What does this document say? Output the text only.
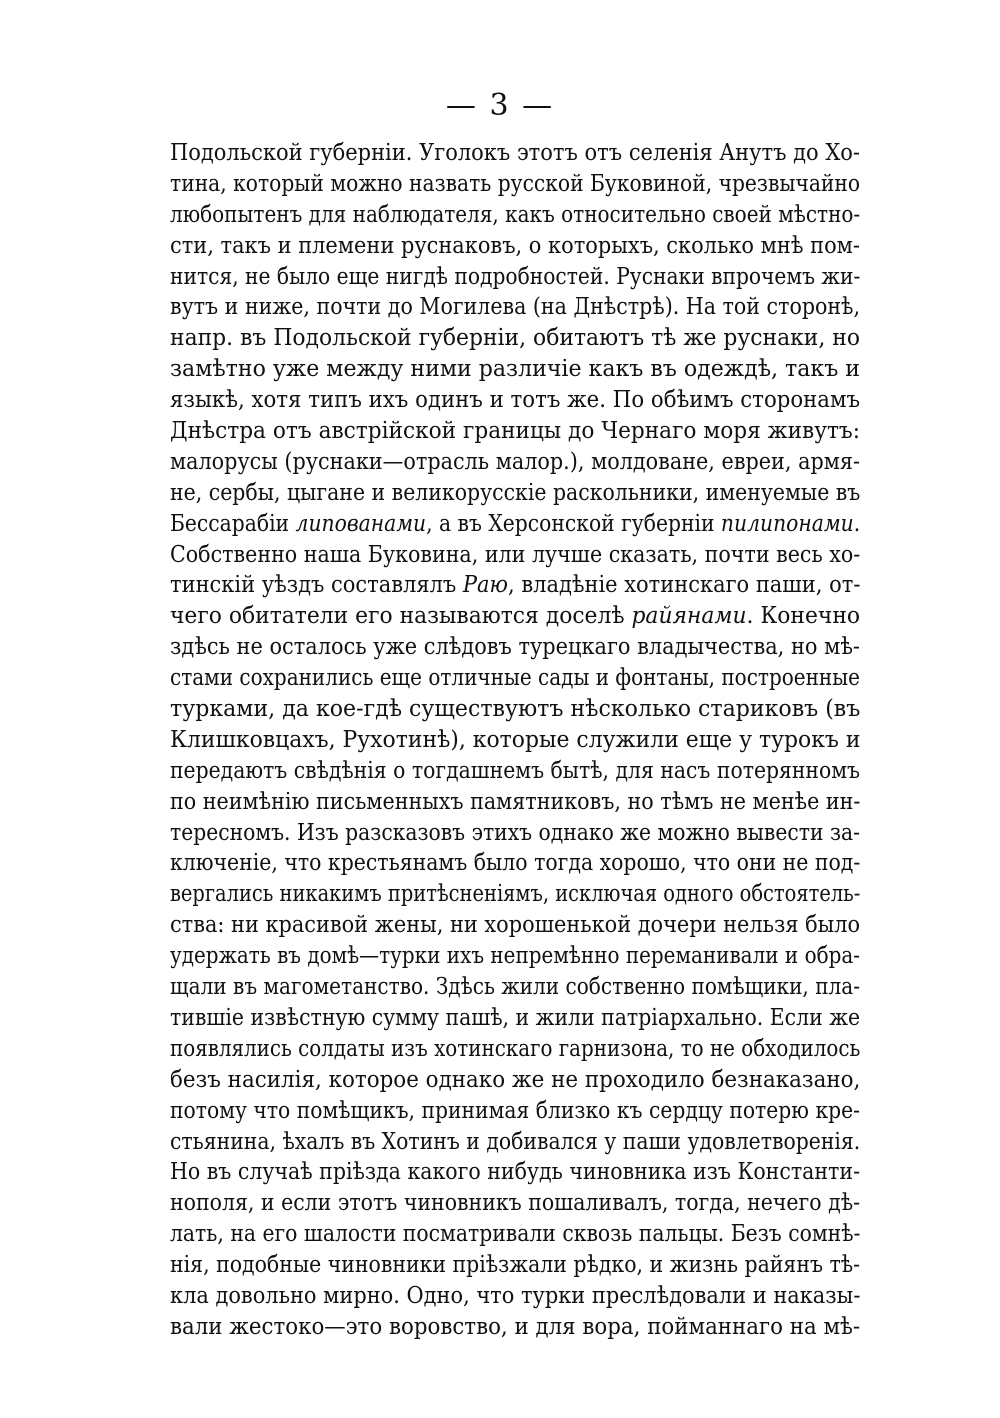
— 3 —
Подольской губерніи. Уголокъ этотъ отъ селенія Анутъ до Хо-
тина, который можно назвать русской Буковиной, чрезвычайно
любопытенъ для наблюдателя, какъ относительно своей мѣстно-
сти, такъ и племени руснаковъ, о которыхъ, сколько мнѣ пом-
нится, не было еще нигдѣ подробностей. Руснаки впрочемъ жи-
вутъ и ниже, почти до Могилева (на Днѣстрѣ). На той сторонѣ,
напр. въ Подольской губерніи, обитаютъ тѣ же руснаки, но
замѣтно уже между ними различіе какъ въ одеждѣ, такъ и
языкѣ, хотя типъ ихъ одинъ и тотъ же. По обѣимъ сторонамъ
Днѣстра отъ австрійской границы до Чернаго моря живутъ:
малорусы (руснаки—отрасль малор.), молдоване, евреи, армя-
не, сербы, цыгане и великорусскіе раскольники, именуемые въ
Бессарабіи липованами, а въ Херсонской губерніи пилипонами.
Собственно наша Буковина, или лучше сказать, почти весь хо-
тинскій уѣздъ составлялъ Раю, владѣніе хотинскаго паши, от-
чего обитатели его называются доселѣ райянами. Конечно
здѣсь не осталось уже слѣдовъ турецкаго владычества, но мѣ-
стами сохранились еще отличные сады и фонтаны, построенные
турками, да кое-гдѣ существуютъ нѣсколько стариковъ (въ
Клишковцахъ, Рухотинѣ), которые служили еще у турокъ и
передаютъ свѣдѣнія о тогдашнемъ бытѣ, для насъ потерянномъ
по неимѣнію письменныхъ памятниковъ, но тѣмъ не менѣе ин-
тересномъ. Изъ разсказовъ этихъ однако же можно вывести за-
ключеніе, что крестьянамъ было тогда хорошо, что они не под-
вергались никакимъ притѣсненіямъ, исключая одного обстоятель-
ства: ни красивой жены, ни хорошенькой дочери нельзя было
удержать въ домѣ—турки ихъ непремѣнно переманивали и обра-
щали въ магометанство. Здѣсь жили собственно помѣщики, пла-
тившіе извѣстную сумму пашѣ, и жили патріархально. Если же
появлялись солдаты изъ хотинскаго гарнизона, то не обходилось
безъ насилія, которое однако же не проходило безнаказано,
потому что помѣщикъ, принимая близко къ сердцу потерю кре-
стьянина, ѣхалъ въ Хотинъ и добивался у паши удовлетворенія.
Но въ случаѣ пріѣзда какого нибудь чиновника изъ Константи-
нополя, и если этотъ чиновникъ пошаливалъ, тогда, нечего дѣ-
лать, на его шалости посматривали сквозь пальцы. Безъ сомнѣ-
нія, подобные чиновники пріѣзжали рѣдко, и жизнь райянъ тѣ-
кла довольно мирно. Одно, что турки преслѣдовали и наказы-
вали жестоко—это воровство, и для вора, пойманнаго на мѣ-
